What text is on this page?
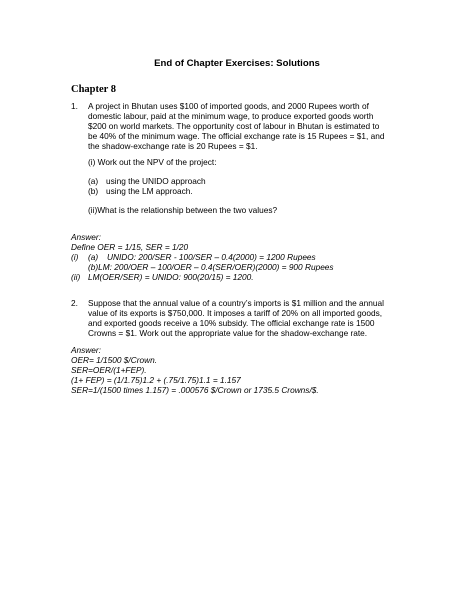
End of Chapter Exercises: Solutions
Chapter 8
1. A project in Bhutan uses $100 of imported goods, and 2000 Rupees worth of
domestic labour, paid at the minimum wage, to produce exported goods worth
$200 on world markets. The opportunity cost of labour in Bhutan is estimated to
be 40% of the minimum wage. The official exchange rate is 15 Rupees = $1, and
the shadow-exchange rate is 20 Rupees = $1.
(i) Work out the NPV of the project:
(a) using the UNIDO approach
(b) using the LM approach.
(ii)What is the relationship between the two values?
Answer:
Define OER = 1/15, SER = 1/20
(i) (a) UNIDO: 200/SER - 100/SER – 0.4(2000) = 1200 Rupees
(b)LM: 200/OER – 100/OER – 0.4(SER/OER)(2000) = 900 Rupees
(ii) LM(OER/SER) = UNIDO: 900(20/15) = 1200.
2. Suppose that the annual value of a country’s imports is $1 million and the annual
value of its exports is $750,000. It imposes a tariff of 20% on all imported goods,
and exported goods receive a 10% subsidy. The official exchange rate is 1500
Crowns = $1. Work out the appropriate value for the shadow-exchange rate.
Answer:
OER= 1/1500 $/Crown.
SER=OER/(1+FEP).
(1+ FEP) = (1/1.75)1.2 + (.75/1.75)1.1 = 1.157
SER=1/(1500 times 1.157) = .000576 $/Crown or 1735.5 Crowns/$.
